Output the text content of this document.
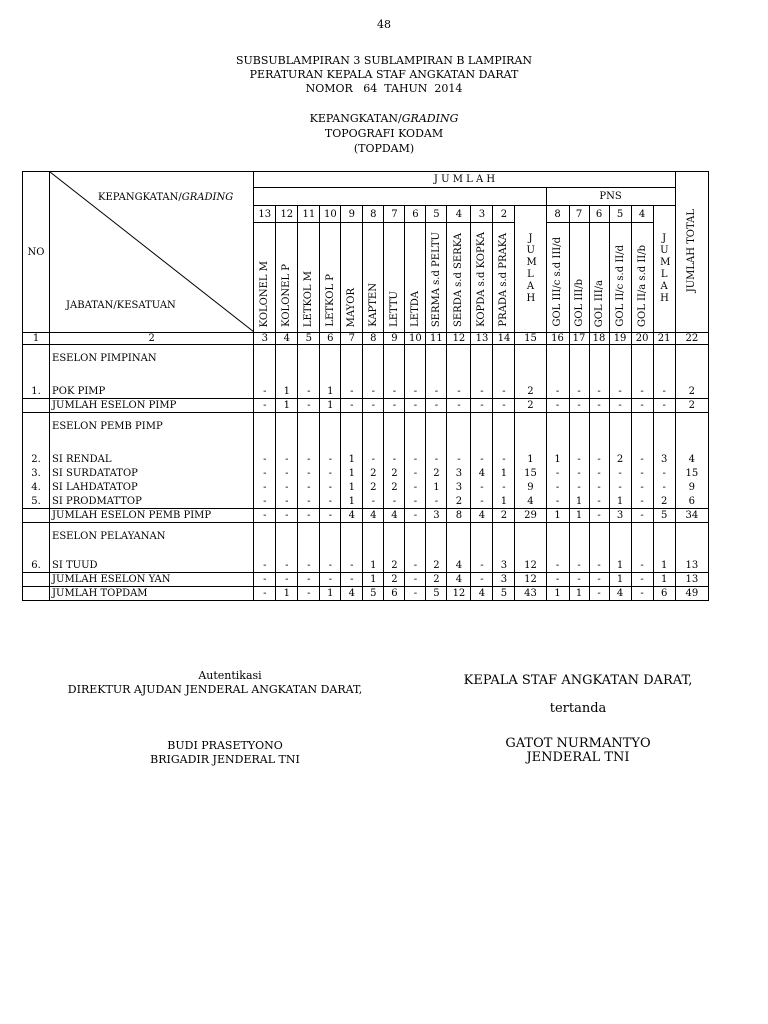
48
SUBSUBLAMPIRAN 3 SUBLAMPIRAN B LAMPIRAN
PERATURAN KEPALA STAF ANGKATAN DARAT
NOMOR   64  TAHUN  2014
KEPANGKATAN/GRADING
TOPOGRAFI KODAM
(TOPDAM)
NO	KEPANGKATAN/GRADING
JABATAN/KESATUAN	J U M L A H																			JUMLAH TOTAL
															PNS						
		13	12	11	10	9	8	7	6	5	4	3	2	J U M L A H	8	7	6	5	4	J U M L A H	
		KOLONEL M	KOLONEL P	LETKOL M	LETKOL P	MAYOR	KAPTEN	LETTU	LETDA	SERMA s.d PELTU	SERDA s.d SERKA	KOPDA s.d KOPKA	PRADA s.d PRAKA		GOL III/c s.d III/d	GOL III/b	GOL III/a	GOL II/c s.d II/d	GOL II/a s.d II/b		
1	2	3	4	5	6	7	8	9	10	11	12	13	14	15	16	17	18	19	20	21	22
	ESELON PIMPINAN																				
1.	POK PIMP	-	1	-	1	-	-	-	-	-	-	-	-	2	-	-	-	-	-	-	2
	JUMLAH ESELON PIMP	-	1	-	1	-	-	-	-	-	-	-	-	2	-	-	-	-	-	-	2
	ESELON PEMB PIMP																				
2.	SI RENDAL	-	-	-	-	1	-	-	-	-	-	-	-	1	1	-	-	2	-	3	4
3.	SI SURDATATOP	-	-	-	-	1	2	2	-	2	3	4	1	15	-	-	-	-	-	-	15
4.	SI LAHDATATOP	-	-	-	-	1	2	2	-	1	3	-	-	9	-	-	-	-	-	-	9
5.	SI PRODMATTOP	-	-	-	-	1	-	-	-	-	2	-	1	4	-	1	-	1	-	2	6
	JUMLAH ESELON PEMB PIMP	-	-	-	-	4	4	4	-	3	8	4	2	29	1	1	-	3	-	5	34
	ESELON PELAYANAN																				
6.	SI TUUD	-	-	-	-	-	1	2	-	2	4	-	3	12	-	-	-	1	-	1	13
	JUMLAH ESELON YAN	-	-	-	-	-	1	2	-	2	4	-	3	12	-	-	-	1	-	1	13
	JUMLAH TOPDAM	-	1	-	1	4	5	6	-	5	12	4	5	43	1	1	-	4	-	6	49
Autentikasi
DIREKTUR AJUDAN JENDERAL ANGKATAN DARAT,
BUDI PRASETYONO
BRIGADIR JENDERAL TNI
KEPALA STAF ANGKATAN DARAT,
tertanda
GATOT NURMANTYO
JENDERAL TNI
